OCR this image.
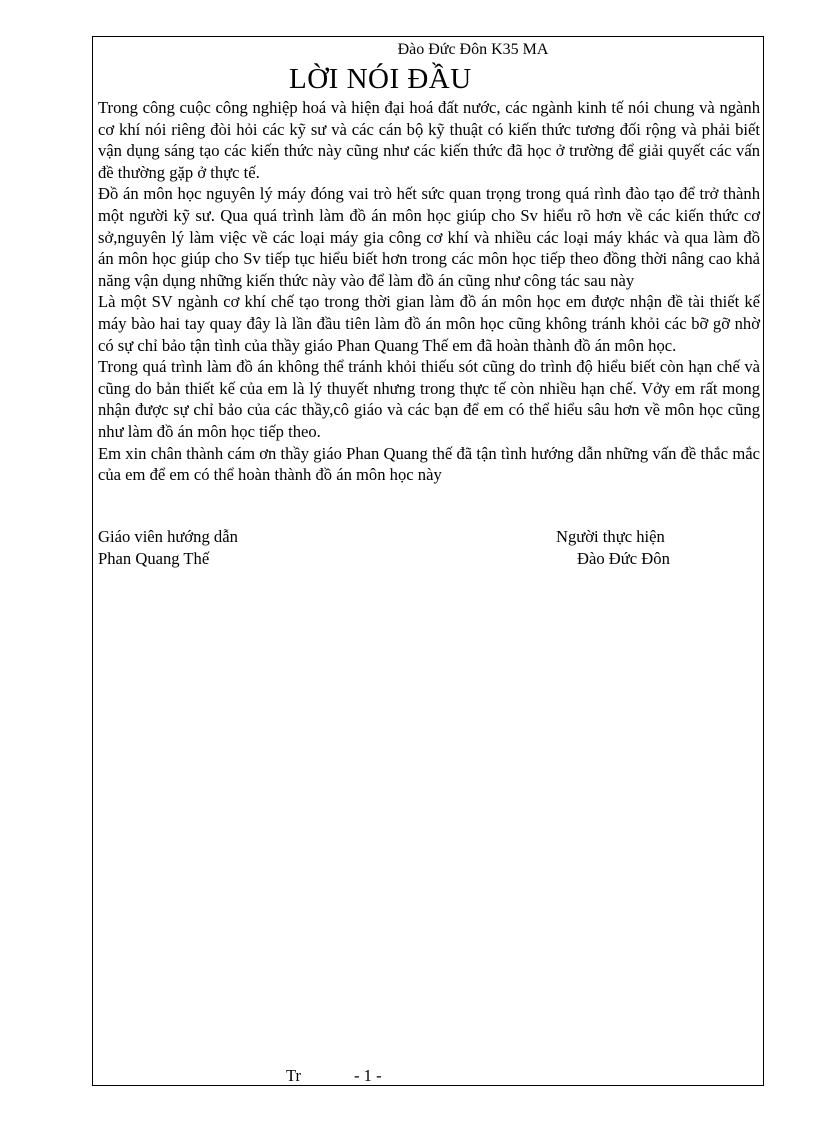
Đào Đức Đôn K35 MA
LỜI NÓI ĐẦU

Trong công cuộc công nghiệp hoá và hiện đại hoá đất nước, các ngành kinh tế nói chung và ngành cơ khí nói riêng đòi hỏi các kỹ sư và các cán bộ kỹ thuật có kiến thức tương đối rộng và phải biết vận dụng sáng tạo các kiến thức này cũng như các kiến thức đã học ở trường để giải quyết các vấn đề thường gặp ở thực tế.

Đồ án môn học nguyên lý máy đóng vai trò hết sức quan trọng trong quá rình đào tạo để trở thành một người kỹ sư. Qua quá trình làm đồ án môn học giúp cho Sv hiểu rõ hơn về các kiến thức cơ sở,nguyên lý làm việc về các loại máy gia công cơ khí và nhiều các loại máy khác và qua làm đồ án môn học giúp cho Sv tiếp tục hiểu biết hơn trong các môn học tiếp theo đồng thời nâng cao khả năng vận dụng những kiến thức này vào để làm đồ án cũng như công tác sau này

Là một SV ngành cơ khí chế tạo trong thời gian làm đồ án môn học em được nhận đề tài thiết kế máy bào hai tay quay đây là lần đầu tiên làm đồ án môn học cũng không tránh khỏi các bỡ gỡ nhờ có sự chỉ bảo tận tình của thầy giáo Phan Quang Thế em đã hoàn thành đồ án môn học.

Trong quá trình làm đồ án không thể tránh khỏi thiếu sót cũng do trình độ hiểu biết còn hạn chế và cũng do bản thiết kế của em là lý thuyết nhưng trong thực tế còn nhiều hạn chế. Vởy em rất mong nhận được sự chỉ bảo của các thầy,cô giáo và các bạn để em có thể hiểu sâu hơn về môn học cũng như làm đồ án môn học tiếp theo.

Em xin chân thành cám ơn thầy giáo Phan Quang thế đã tận tình hướng dẫn những vấn đề thắc mắc của em để em có thể hoàn thành đồ án môn học này

Giáo viên hướng dẫn	Người thực hiện
Phan Quang Thế	Đào Đức Đôn
Tr	- 1 -
